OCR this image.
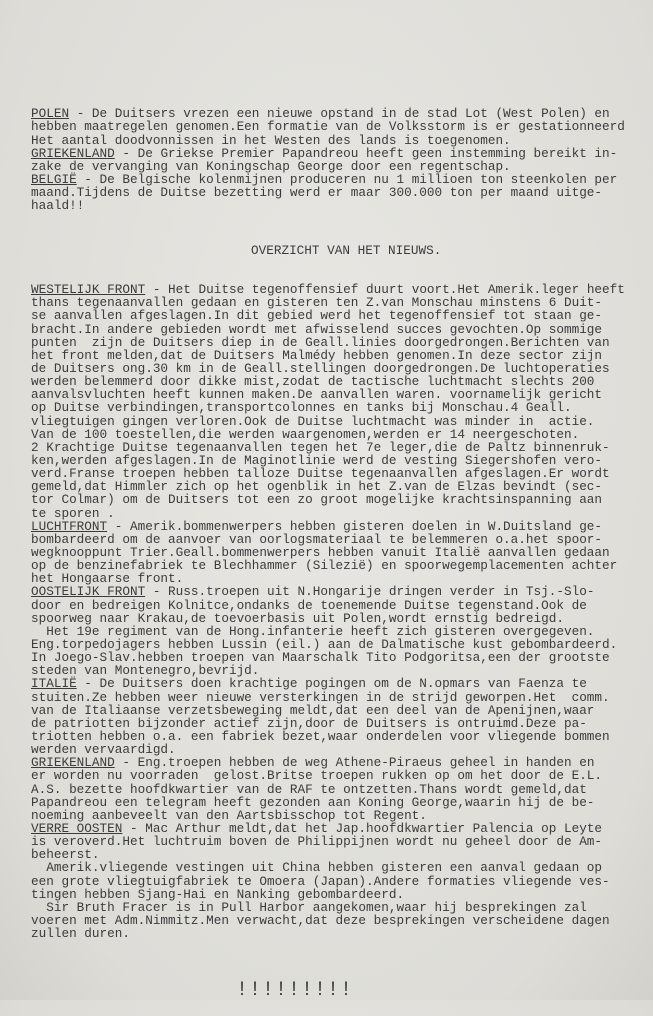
POLEN - De Duitsers vrezen een nieuwe opstand in de stad Lot (West Polen) en
hebben maatregelen genomen.Een formatie van de Volksstorm is er gestationneerd
Het aantal doodvonnissen in het Westen des lands is toegenomen.
GRIEKENLAND - De Griekse Premier Papandreou heeft geen instemming bereikt in-
zake de vervanging van Koningschap George door een regentschap.
BELGIË - De Belgische kolenmijnen produceren nu 1 millioen ton steenkolen per
maand.Tijdens de Duitse bezetting werd er maar 300.000 ton per maand uitge-
haald!!

OVERZICHT VAN HET NIEUWS.

WESTELIJK FRONT - Het Duitse tegenoffensief duurt voort.Het Amerik.leger heeft
thans tegenaanvallen gedaan en gisteren ten Z.van Monschau minstens 6 Duit-
se aanvallen afgeslagen.In dit gebied werd het tegenoffensief tot staan ge-
bracht.In andere gebieden wordt met afwisselend succes gevochten.Op sommige
punten  zijn de Duitsers diep in de Geall.linies doorgedrongen.Berichten van
het front melden,dat de Duitsers Malmédy hebben genomen.In deze sector zijn
de Duitsers ong.30 km in de Geall.stellingen doorgedrongen.De luchtoperaties
werden belemmerd door dikke mist,zodat de tactische luchtmacht slechts 200
aanvalsvluchten heeft kunnen maken.De aanvallen waren. voornamelijk gericht
op Duitse verbindingen,transportcolonnes en tanks bij Monschau.4 Geall.
vliegtuigen gingen verloren.Ook de Duitse luchtmacht was minder in  actie.
Van de 100 toestellen,die werden waargenomen,werden er 14 neergeschoten.
2 Krachtige Duitse tegenaanvallen tegen het 7e leger,die de Paltz binnenruk-
ken,werden afgeslagen.In de Maginotlinie werd de vesting Siegershofen vero-
verd.Franse troepen hebben talloze Duitse tegenaanvallen afgeslagen.Er wordt
gemeld,dat Himmler zich op het ogenblik in het Z.van de Elzas bevindt (sec-
tor Colmar) om de Duitsers tot een zo groot mogelijke krachtsinspanning aan
te sporen .
LUCHTFRONT - Amerik.bommenwerpers hebben gisteren doelen in W.Duitsland ge-
bombardeerd om de aanvoer van oorlogsmateriaal te belemmeren o.a.het spoor-
wegknooppunt Trier.Geall.bommenwerpers hebben vanuit Italië aanvallen gedaan
op de benzinefabriek te Blechhammer (Silezië) en spoorwegemplacementen achter
het Hongaarse front.
OOSTELIJK FRONT - Russ.troepen uit N.Hongarije dringen verder in Tsj.-Slo-
door en bedreigen Kolnitce,ondanks de toenemende Duitse tegenstand.Ook de
spoorweg naar Krakau,de toevoerbasis uit Polen,wordt ernstig bedreigd.
Het 19e regiment van de Hong.infanterie heeft zich gisteren overgegeven.
Eng.torpedojagers hebben Lussin (eil.) aan de Dalmatische kust gebombardeerd.
In Joego-Slav.hebben troepen van Maarschalk Tito Podgoritsa,een der grootste
steden van Montenegro,bevrijd.
ITALIË - De Duitsers doen krachtige pogingen om de N.opmars van Faenza te
stuiten.Ze hebben weer nieuwe versterkingen in de strijd geworpen.Het  comm.
van de Italiaanse verzetsbeweging meldt,dat een deel van de Apenijnen,waar
de patriotten bijzonder actief zijn,door de Duitsers is ontruimd.Deze pa-
triotten hebben o.a. een fabriek bezet,waar onderdelen voor vliegende bommen
werden vervaardigd.
GRIEKENLAND - Eng.troepen hebben de weg Athene-Piraeus geheel in handen en
er worden nu voorraden  gelost.Britse troepen rukken op om het door de E.L.
A.S. bezette hoofdkwartier van de RAF te ontzetten.Thans wordt gemeld,dat
Papandreou een telegram heeft gezonden aan Koning George,waarin hij de be-
noeming aanbeveelt van den Aartsbisschop tot Regent.
VERRE OOSTEN - Mac Arthur meldt,dat het Jap.hoofdkwartier Palencia op Leyte
is veroverd.Het luchtruim boven de Philippijnen wordt nu geheel door de Am-
beheerst.
Amerik.vliegende vestingen uit China hebben gisteren een aanval gedaan op
een grote vliegtuigfabriek te Omoera (Japan).Andere formaties vliegende ves-
tingen hebben Sjang-Hai en Nanking gebombardeerd.
Sir Bruth Fracer is in Pull Harbor aangekomen,waar hij besprekingen zal
voeren met Adm.Nimmitz.Men verwacht,dat deze besprekingen verscheidene dagen
zullen duren.

!!!!!!!!!
